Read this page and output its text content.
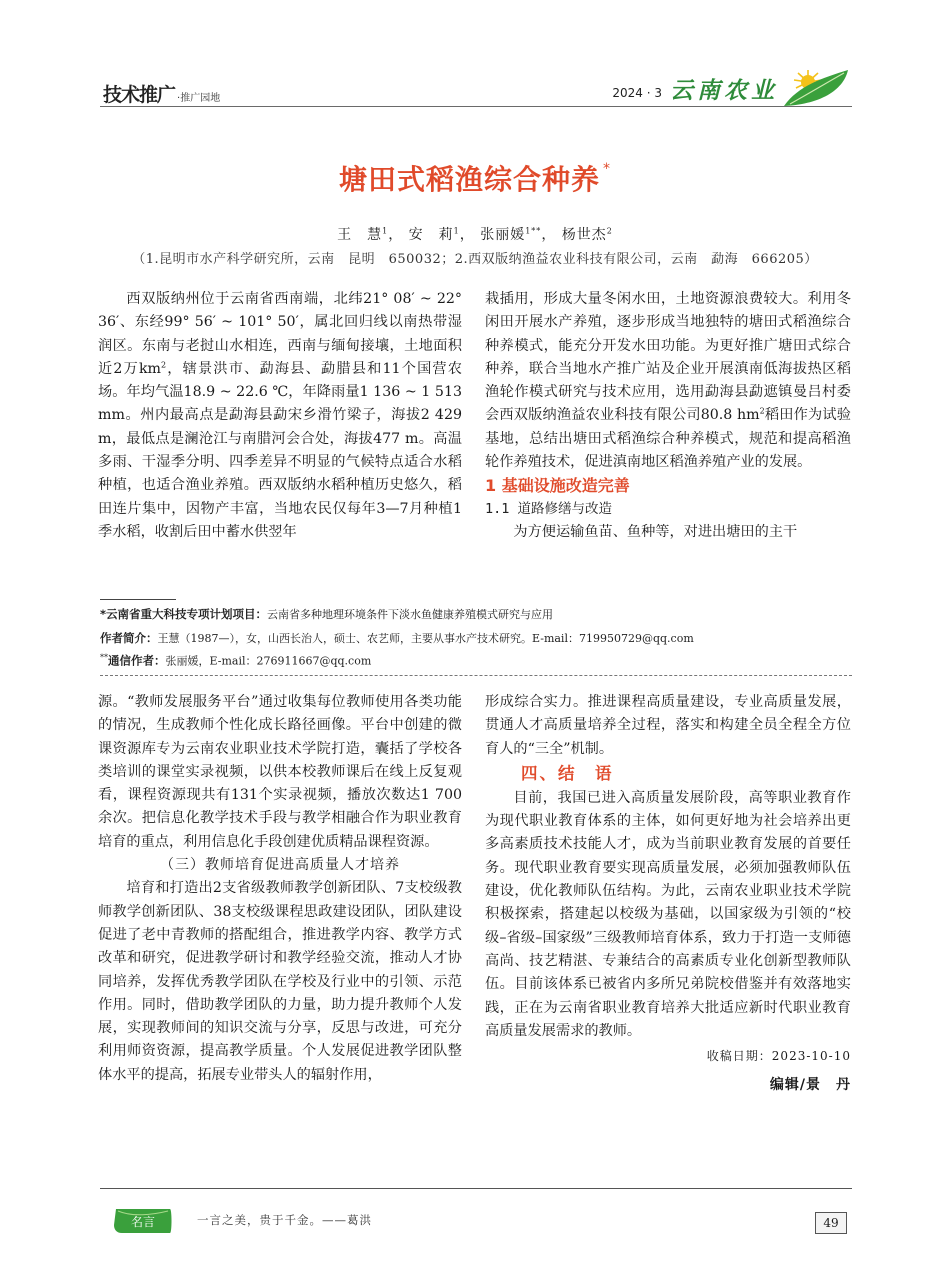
技术推广 ·推广园地	2024 · 3 云南农业
塘田式稻渔综合种养 *
王　慧$^1$， 安　莉$^1$， 张丽媛$^{1**}$， 杨世杰$^2$
（1.昆明市水产科学研究所，云南　昆明　650032；2.西双版纳渔益农业科技有限公司，云南　勐海　666205）

西双版纳州位于云南省西南端，北纬21° 08′ ~ 22° 36′、东经99° 56′ ~ 101° 50′，属北回归线以南热带湿润区。东南与老挝山水相连，西南与缅甸接壤，土地面积近2万$km^2$，辖景洪市、勐海县、勐腊县和11个国营农场。年均气温18.9 ~ 22.6 ℃，年降雨量1 136 ~ 1 513 mm。州内最高点是勐海县勐宋乡滑竹梁子，海拔2 429 m，最低点是澜沧江与南腊河会合处，海拔477 m。高温多雨、干湿季分明、四季差异不明显的气候特点适合水稻种植，也适合渔业养殖。西双版纳水稻种植历史悠久，稻田连片集中，因物产丰富，当地农民仅每年3—7月种植1季水稻，收割后田中蓄水供翌年

栽插用，形成大量冬闲水田，土地资源浪费较大。利用冬闲田开展水产养殖，逐步形成当地独特的塘田式稻渔综合种养模式，能充分开发水田功能。为更好推广塘田式综合种养，联合当地水产推广站及企业开展滇南低海拔热区稻渔轮作模式研究与技术应用，选用勐海县勐遮镇曼吕村委会西双版纳渔益农业科技有限公司80.8 $hm^2$稻田作为试验基地，总结出塘田式稻渔综合种养模式，规范和提高稻渔轮作养殖技术，促进滇南地区稻渔养殖产业的发展。

1 基础设施改造完善

1.1 道路修缮与改造

为方便运输鱼苗、鱼种等，对进出塘田的主干

*云南省重大科技专项计划项目：云南省多种地理环境条件下淡水鱼健康养殖模式研究与应用
作者简介：王慧（1987—），女，山西长治人，硕士、农艺师，主要从事水产技术研究。E-mail：719950729@qq.com
**通信作者：张丽媛，E-mail：276911667@qq.com

源。“教师发展服务平台”通过收集每位教师使用各类功能的情况，生成教师个性化成长路径画像。平台中创建的微课资源库专为云南农业职业技术学院打造，囊括了学校各类培训的课堂实录视频，以供本校教师课后在线上反复观看，课程资源现共有131个实录视频，播放次数达1 700余次。把信息化教学技术手段与教学相融合作为职业教育培育的重点，利用信息化手段创建优质精品课程资源。

（三）教师培育促进高质量人才培养

培育和打造出2支省级教师教学创新团队、7支校级教师教学创新团队、38支校级课程思政建设团队，团队建设促进了老中青教师的搭配组合，推进教学内容、教学方式改革和研究，促进教学研讨和教学经验交流，推动人才协同培养，发挥优秀教学团队在学校及行业中的引领、示范作用。同时，借助教学团队的力量，助力提升教师个人发展，实现教师间的知识交流与分享，反思与改进，可充分利用师资资源，提高教学质量。个人发展促进教学团队整体水平的提高，拓展专业带头人的辐射作用，

形成综合实力。推进课程高质量建设，专业高质量发展，贯通人才高质量培养全过程，落实和构建全员全程全方位育人的“三全”机制。

四、结　语

目前，我国已进入高质量发展阶段，高等职业教育作为现代职业教育体系的主体，如何更好地为社会培养出更多高素质技术技能人才，成为当前职业教育发展的首要任务。现代职业教育要实现高质量发展，必须加强教师队伍建设，优化教师队伍结构。为此，云南农业职业技术学院积极探索，搭建起以校级为基础，以国家级为引领的“校级–省级–国家级”三级教师培育体系，致力于打造一支师德高尚、技艺精湛、专兼结合的高素质专业化创新型教师队伍。目前该体系已被省内多所兄弟院校借鉴并有效落地实践，正在为云南省职业教育培养大批适应新时代职业教育高质量发展需求的教师。

收稿日期：2023-10-10

编辑/景　丹

名言	一言之美，贵于千金。——葛洪	49
